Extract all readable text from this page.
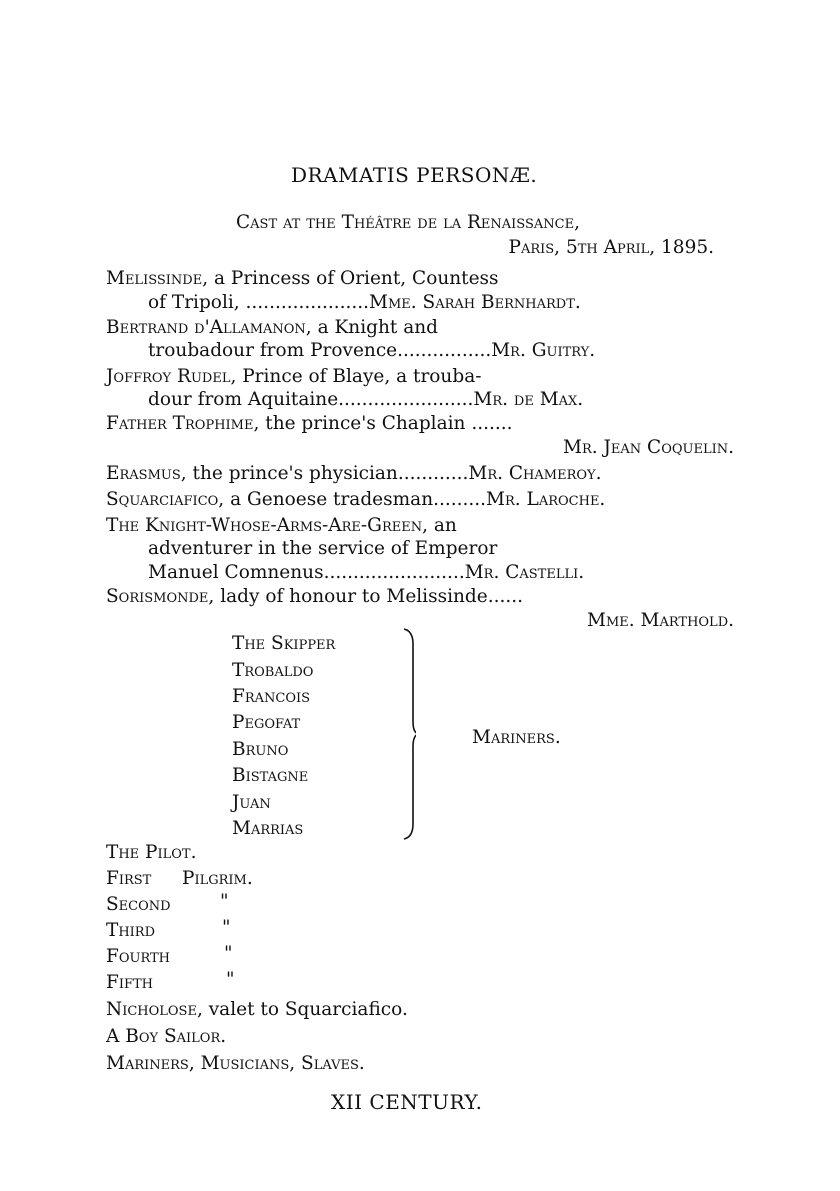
DRAMATIS PERSONÆ.
Cast at the Théâtre de la Renaissance,
Paris, 5th April, 1895.
Melissinde, a Princess of Orient, Countess
of Tripoli, .....................Mme. Sarah Bernhardt.
Bertrand d'Allamanon, a Knight and
troubadour from Provence................Mr. Guitry.
Joffroy Rudel, Prince of Blaye, a trouba-
dour from Aquitaine.......................Mr. de Max.
Father Trophime, the prince's Chaplain .......
Mr. Jean Coquelin.
Erasmus, the prince's physician............Mr. Chameroy.
Squarciafico, a Genoese tradesman.........Mr. Laroche.
The Knight-Whose-Arms-Are-Green, an
adventurer in the service of Emperor
Manuel Comnenus........................Mr. Castelli.
Sorismonde, lady of honour to Melissinde......
Mme. Marthold.
The Skipper
Trobaldo
Francois
Pegofat
Bruno
Bistagne
Juan
Marrias
Mariners.
The Pilot.
First Pilgrim.
Second	"
Third	"
Fourth	"
Fifth	"
Nicholose, valet to Squarciafico.
A Boy Sailor.
Mariners, Musicians, Slaves.
XII CENTURY.
